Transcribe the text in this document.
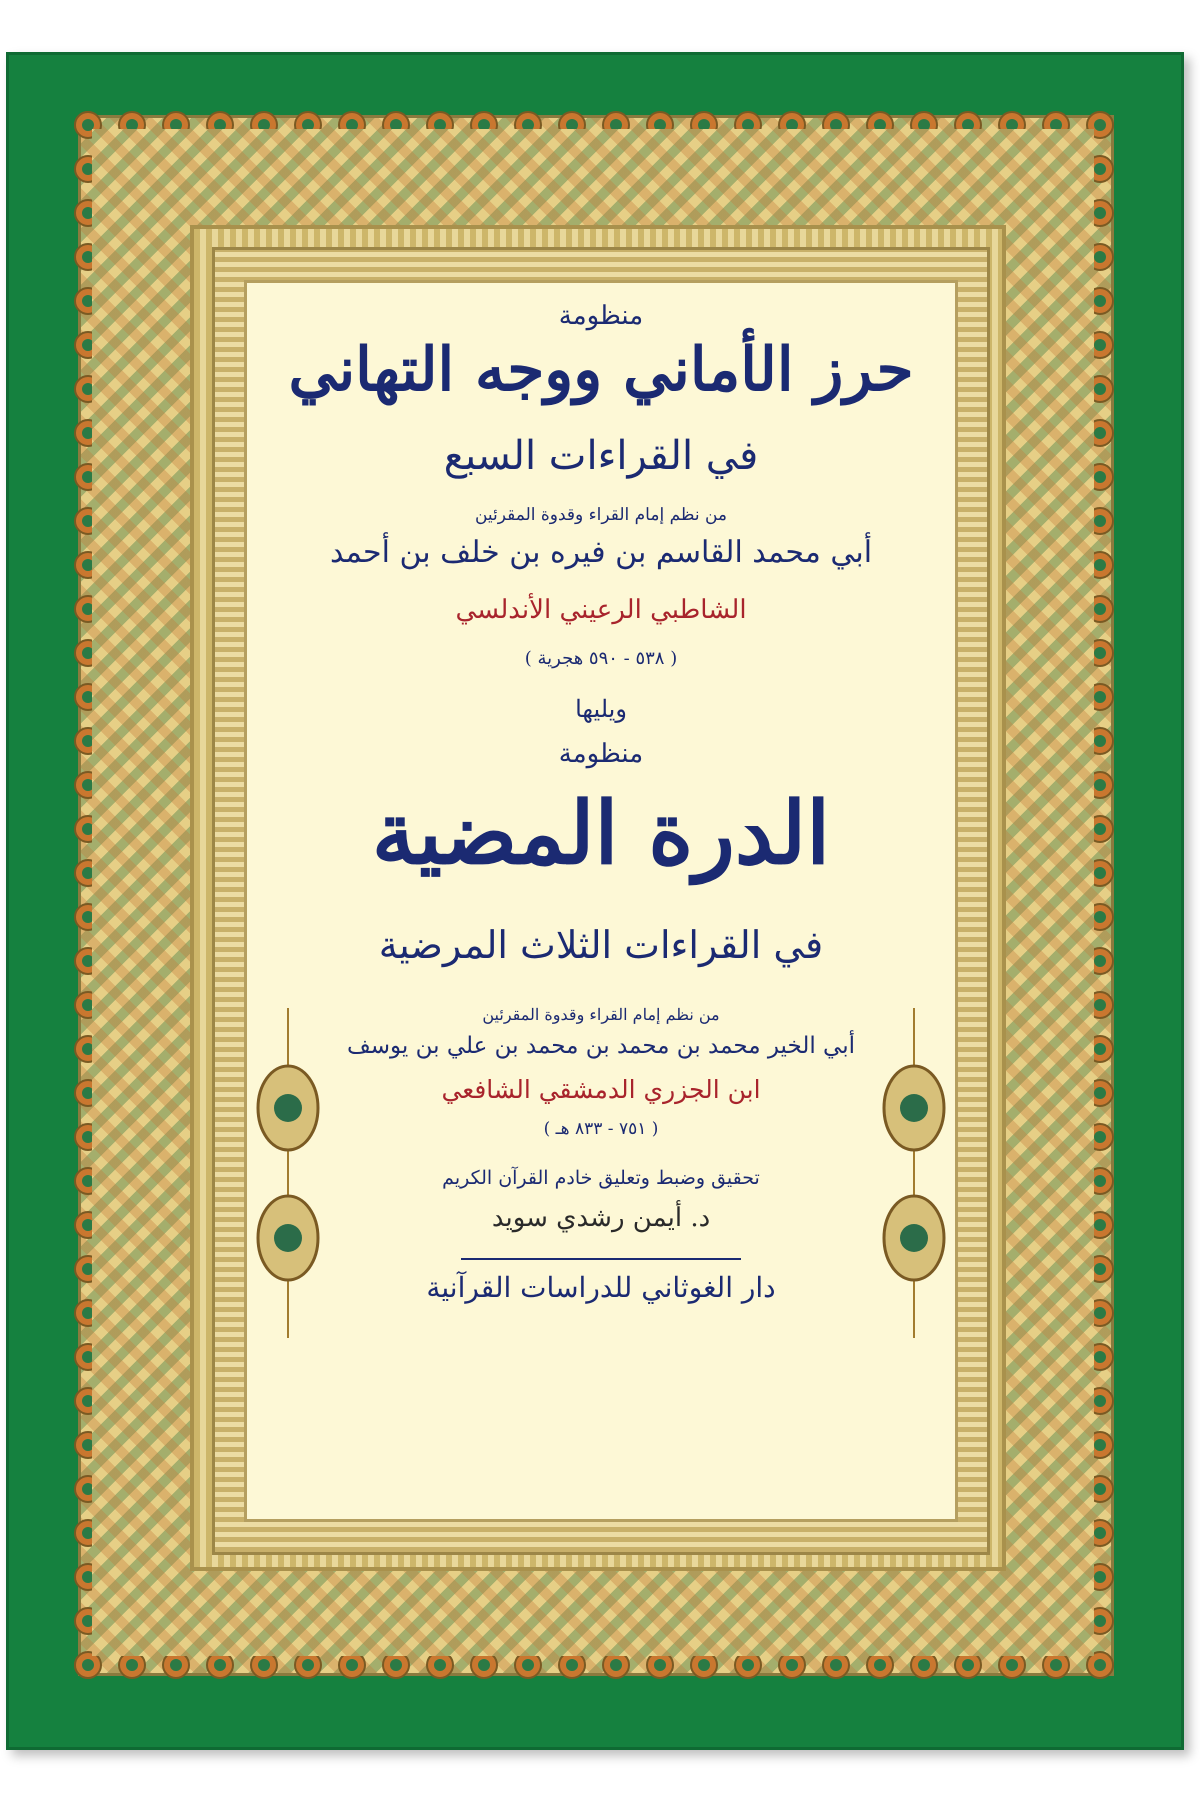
منظومة
حرز الأماني ووجه التهاني
في القراءات السبع
من نظم إمام القراء وقدوة المقرئين
أبي محمد القاسم بن فيره بن خلف بن أحمد
الشاطبي الرعيني الأندلسي
( ٥٣٨ - ٥٩٠ هجرية )
ويليها
منظومة
الدرة المضية
في القراءات الثلاث المرضية
من نظم إمام القراء وقدوة المقرئين
أبي الخير محمد بن محمد بن محمد بن علي بن يوسف
ابن الجزري الدمشقي الشافعي
( ٧٥١ - ٨٣٣ هـ )
تحقيق وضبط وتعليق خادم القرآن الكريم
د. أيمن رشدي سويد
دار الغوثاني للدراسات القرآنية
